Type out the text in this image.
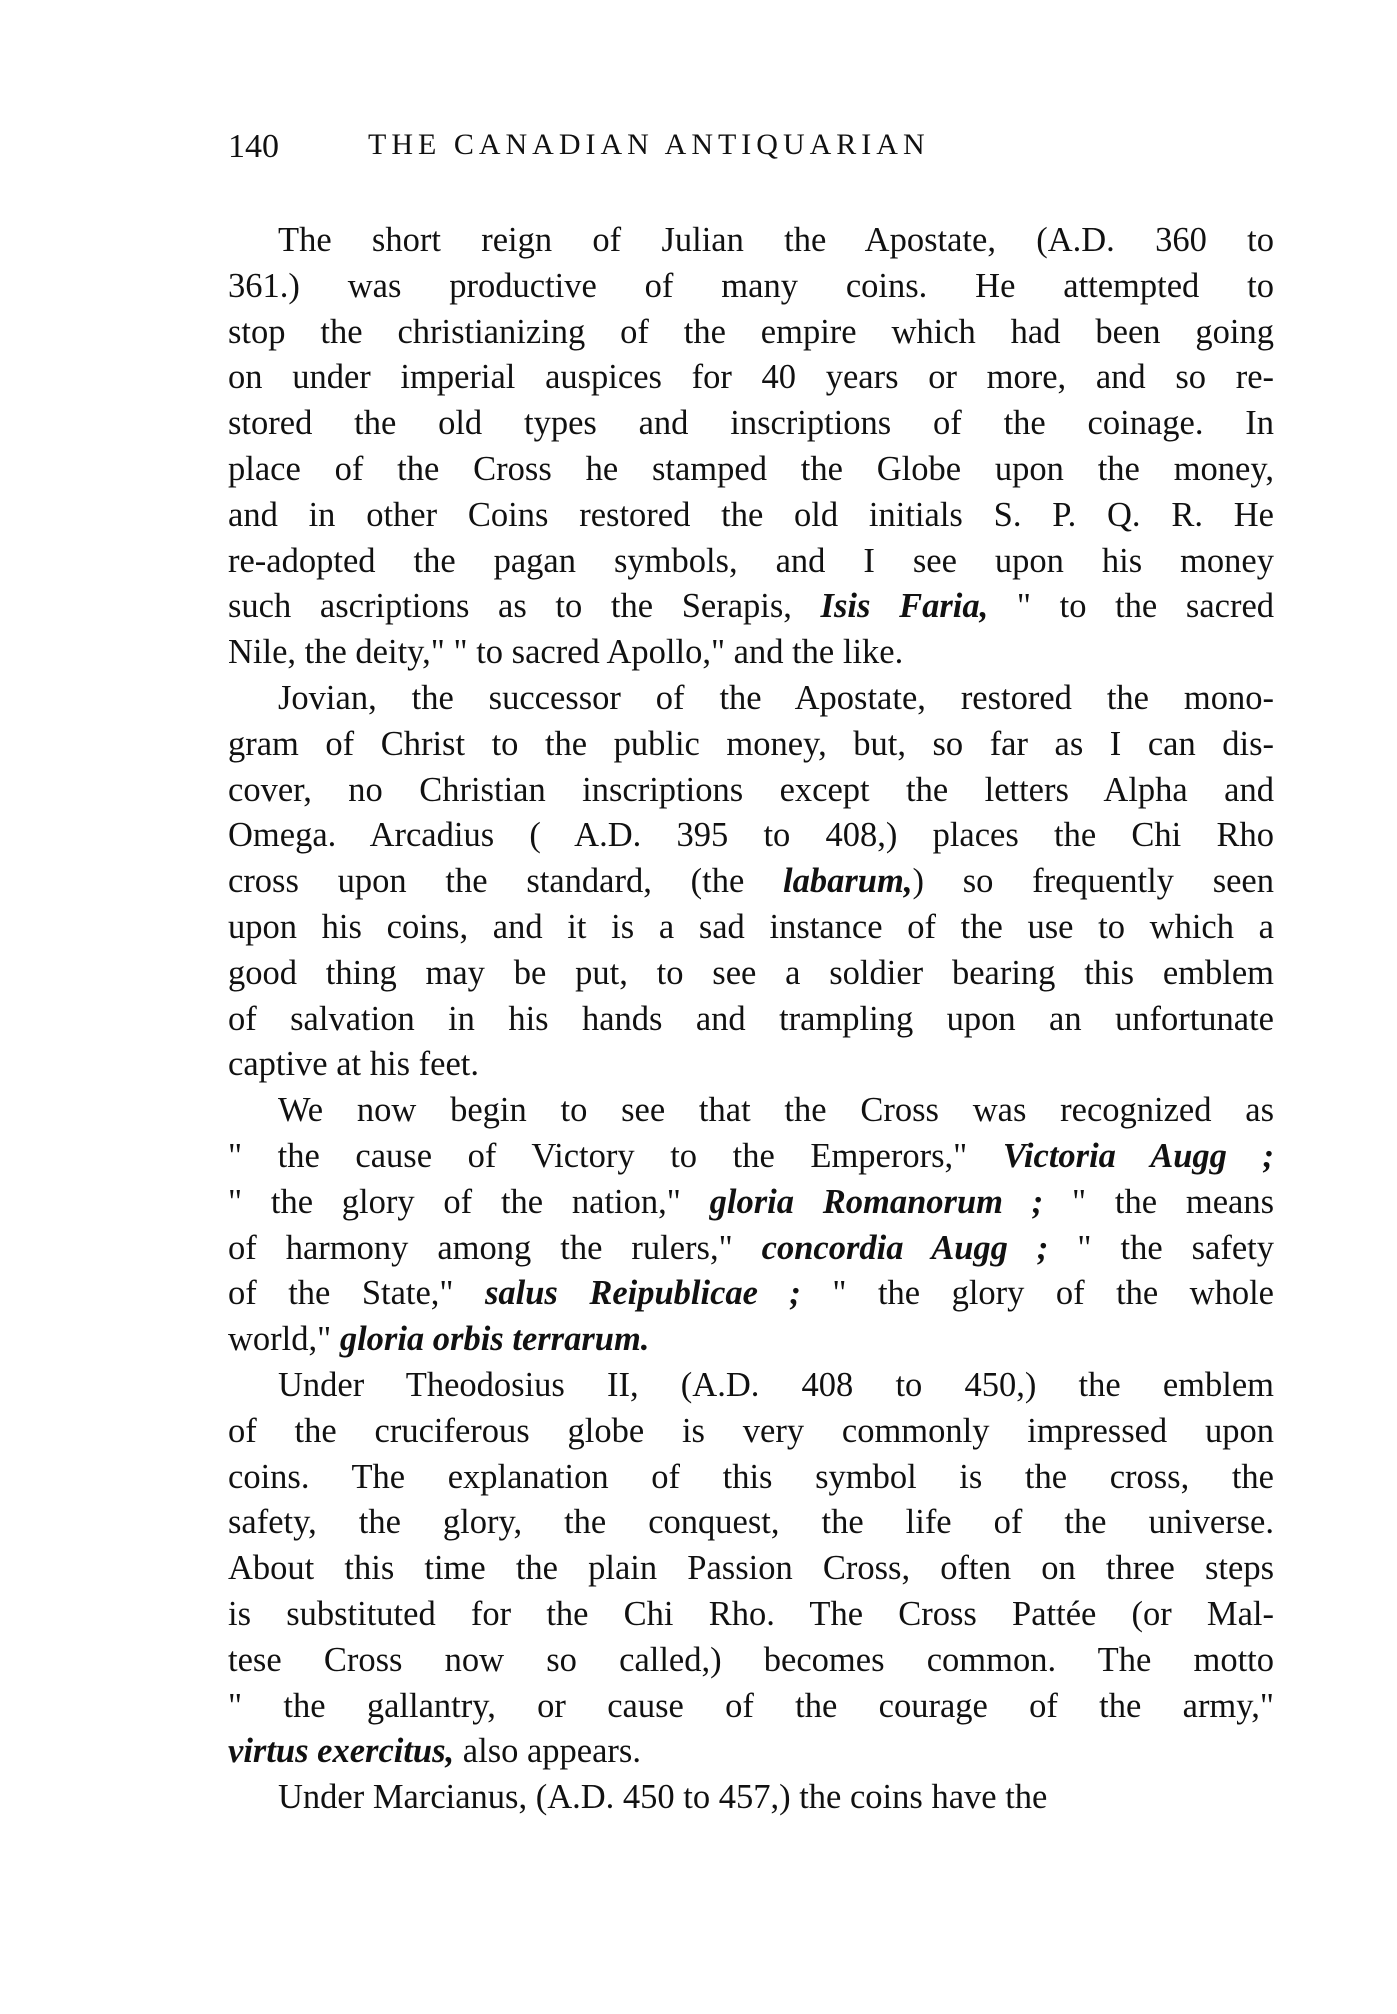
140	THE CANADIAN ANTIQUARIAN
The short reign of Julian the Apostate, (A.D. 360 to
361.) was productive of many coins. He attempted to
stop the christianizing of the empire which had been going
on under imperial auspices for 40 years or more, and so re-
stored the old types and inscriptions of the coinage. In
place of the Cross he stamped the Globe upon the money,
and in other Coins restored the old initials S. P. Q. R. He
re-adopted the pagan symbols, and I see upon his money
such ascriptions as to the Serapis, Isis Faria, " to the sacred
Nile, the deity," " to sacred Apollo," and the like.
Jovian, the successor of the Apostate, restored the mono-
gram of Christ to the public money, but, so far as I can dis-
cover, no Christian inscriptions except the letters Alpha and
Omega. Arcadius ( A.D. 395 to 408,) places the Chi Rho
cross upon the standard, (the labarum,) so frequently seen
upon his coins, and it is a sad instance of the use to which a
good thing may be put, to see a soldier bearing this emblem
of salvation in his hands and trampling upon an unfortunate
captive at his feet.
We now begin to see that the Cross was recognized as
" the cause of Victory to the Emperors," Victoria Augg ;
" the glory of the nation," gloria Romanorum ; " the means
of harmony among the rulers," concordia Augg ; " the safety
of the State," salus Reipublicae ; " the glory of the whole
world," gloria orbis terrarum.
Under Theodosius II, (A.D. 408 to 450,) the emblem
of the cruciferous globe is very commonly impressed upon
coins. The explanation of this symbol is the cross, the
safety, the glory, the conquest, the life of the universe.
About this time the plain Passion Cross, often on three steps
is substituted for the Chi Rho. The Cross Pattée (or Mal-
tese Cross now so called,) becomes common. The motto
" the gallantry, or cause of the courage of the army,"
virtus exercitus, also appears.
Under Marcianus, (A.D. 450 to 457,) the coins have the
